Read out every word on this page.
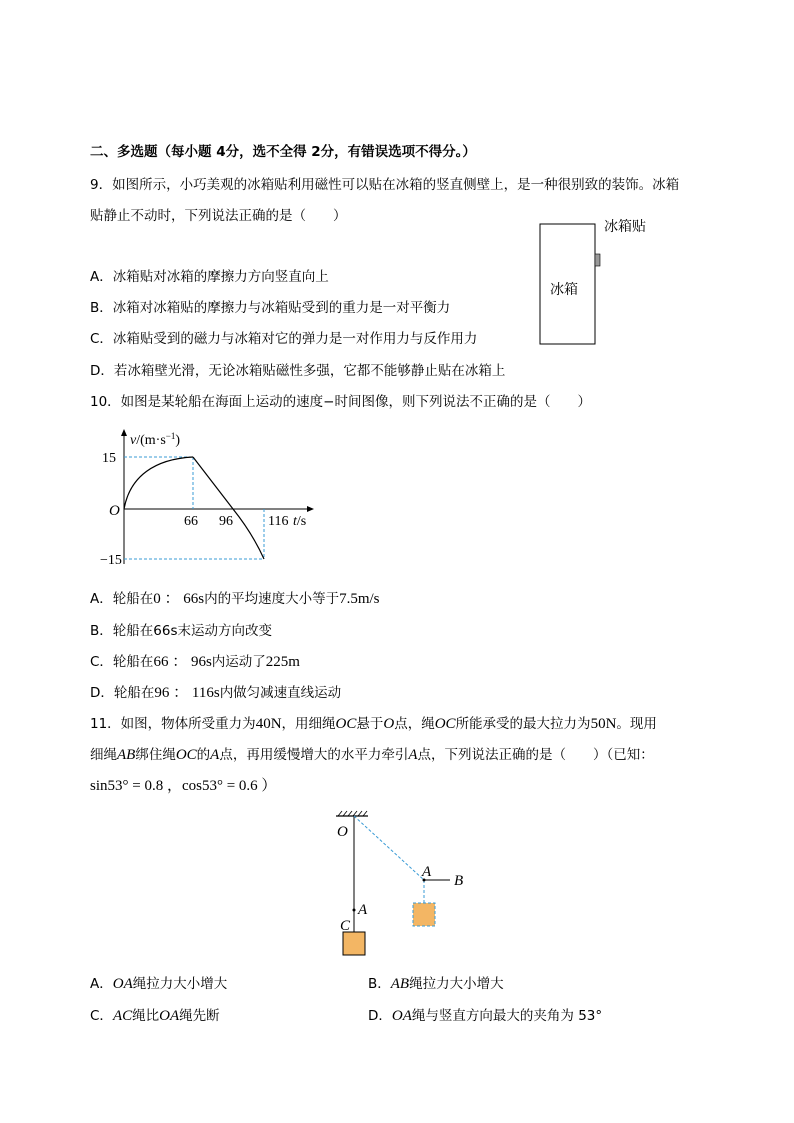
二、多选题（每小题 4分，选不全得 2分，有错误选项不得分。）
9．如图所示，小巧美观的冰箱贴利用磁性可以贴在冰箱的竖直侧壁上，是一种很别致的装饰。冰箱
贴静止不动时，下列说法正确的是（　　）
冰箱贴
冰箱
A．冰箱贴对冰箱的摩擦力方向竖直向上
B．冰箱对冰箱贴的摩擦力与冰箱贴受到的重力是一对平衡力
C．冰箱贴受到的磁力与冰箱对它的弹力是一对作用力与反作用力
D．若冰箱壁光滑，无论冰箱贴磁性多强，它都不能够静止贴在冰箱上
10．如图是某轮船在海面上运动的速度−时间图像，则下列说法不正确的是（　　）
$v/(m\cdot s^{-1})$
15
−15
O
66 96	116 t/s
A．轮船在0 ： 66s内的平均速度大小等于7.5m/s
B．轮船在66s末运动方向改变
C．轮船在66 ： 96s内运动了225m
D．轮船在96 ： 116s内做匀减速直线运动
11．如图，物体所受重力为40N，用细绳OC悬于O点，绳OC所能承受的最大拉力为50N。现用
细绳AB绑住绳OC的A点，再用缓慢增大的水平力牵引A点，下列说法正确的是（　　）（已知：
sin53° = 0.8 ，cos53° = 0.6 ）
O
A
C
A
B
A．OA绳拉力大小增大	B．AB绳拉力大小增大
C．AC绳比OA绳先断	D．OA绳与竖直方向最大的夹角为 53°
